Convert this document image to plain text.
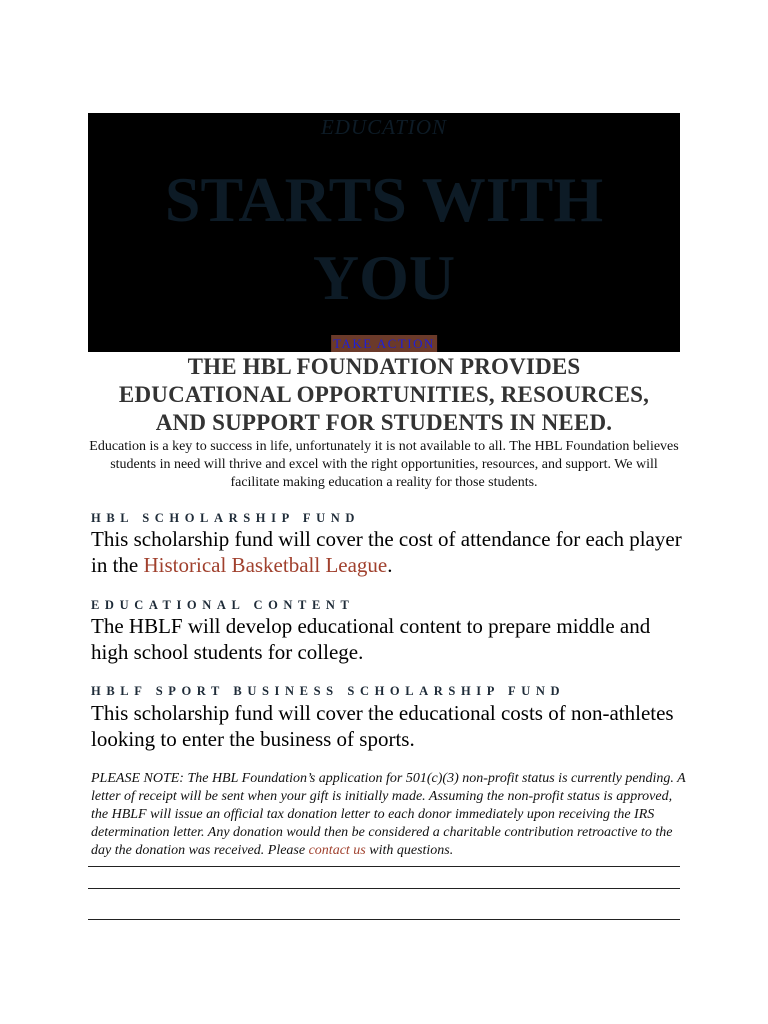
EDUCATION
STARTS WITH
YOU
TAKE ACTION
THE HBL FOUNDATION PROVIDES
EDUCATIONAL OPPORTUNITIES, RESOURCES,
AND SUPPORT FOR STUDENTS IN NEED.
Education is a key to success in life, unfortunately it is not available to all. The HBL Foundation believes students in need will thrive and excel with the right opportunities, resources, and support. We will facilitate making education a reality for those students.
HBL SCHOLARSHIP FUND
This scholarship fund will cover the cost of attendance for each player in the Historical Basketball League.
EDUCATIONAL CONTENT
The HBLF will develop educational content to prepare middle and high school students for college.
HBLF SPORT BUSINESS SCHOLARSHIP FUND
This scholarship fund will cover the educational costs of non-athletes looking to enter the business of sports.
PLEASE NOTE: The HBL Foundation’s application for 501(c)(3) non-profit status is currently pending. A letter of receipt will be sent when your gift is initially made. Assuming the non-profit status is approved, the HBLF will issue an official tax donation letter to each donor immediately upon receiving the IRS determination letter. Any donation would then be considered a charitable contribution retroactive to the day the donation was received. Please contact us with questions.
